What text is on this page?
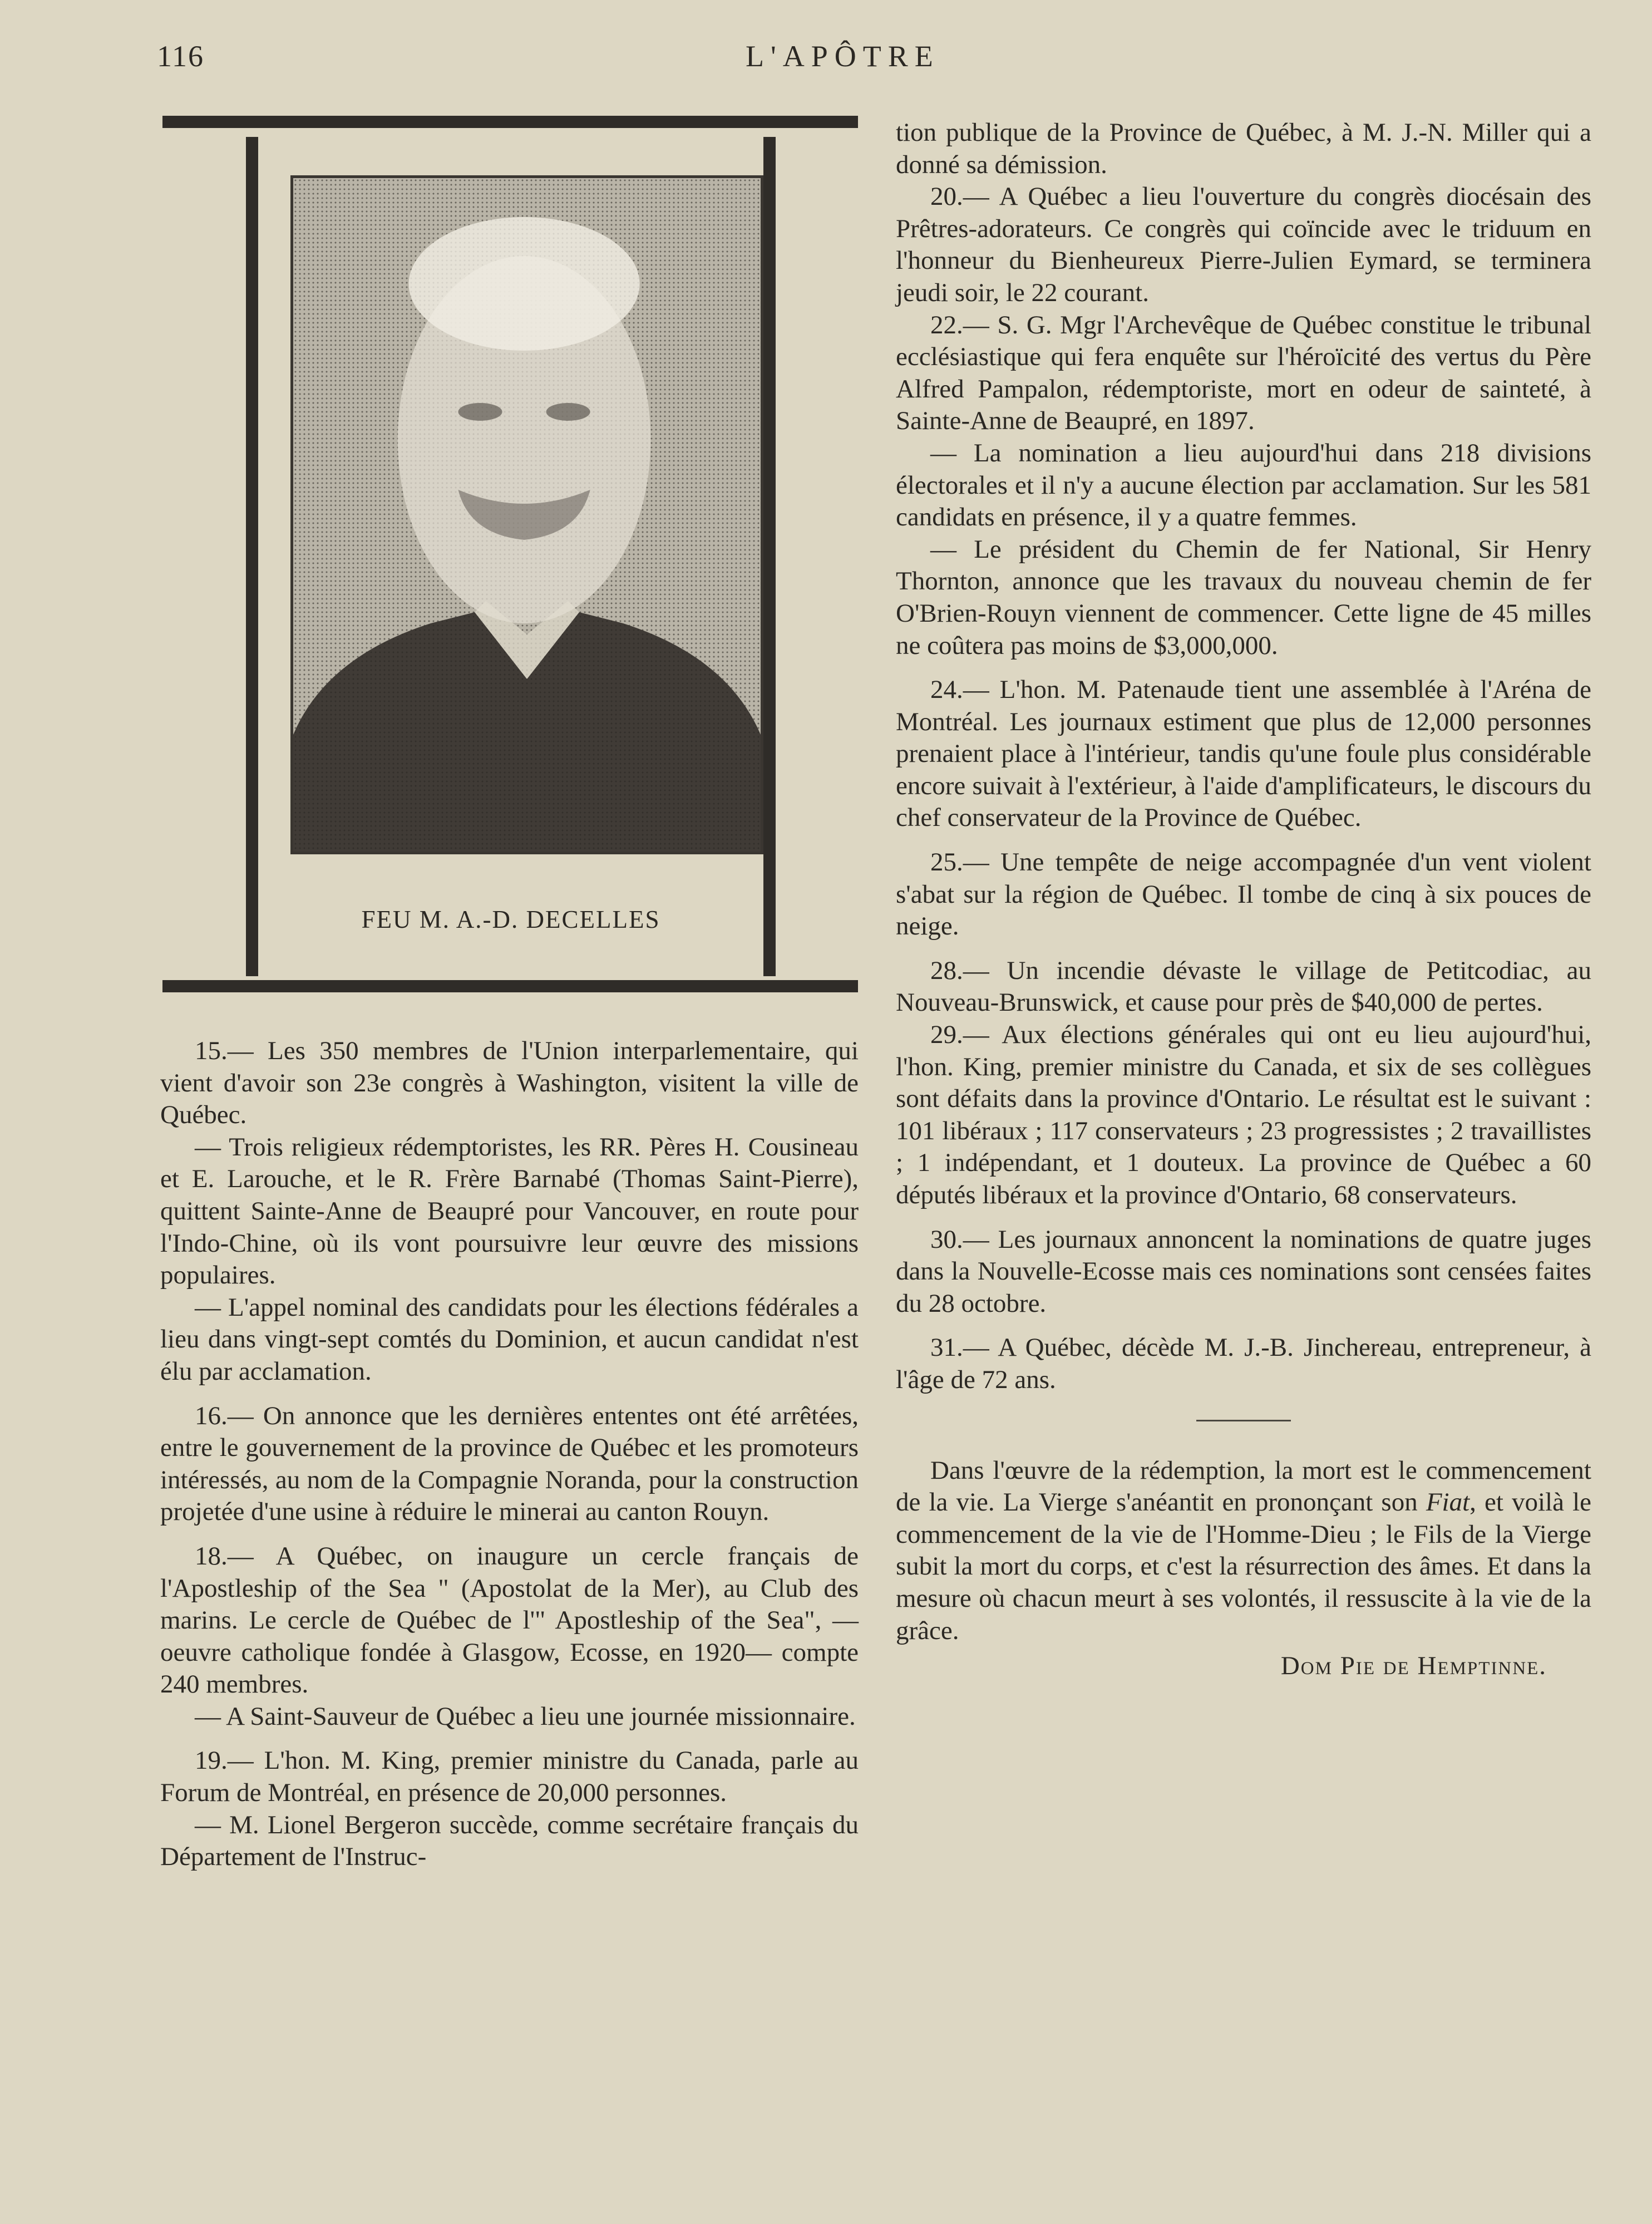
116	L'APÔTRE
FEU M. A.-D. DECELLES

15.— Les 350 membres de l'Union interparlementaire, qui vient d'avoir son 23e congrès à Washington, visitent la ville de Québec.

— Trois religieux rédemptoristes, les RR. Pères H. Cousineau et E. Larouche, et le R. Frère Barnabé (Thomas Saint-Pierre), quittent Sainte-Anne de Beaupré pour Vancouver, en route pour l'Indo-Chine, où ils vont poursuivre leur œuvre des missions populaires.

— L'appel nominal des candidats pour les élections fédérales a lieu dans vingt-sept comtés du Dominion, et aucun candidat n'est élu par acclamation.

16.— On annonce que les dernières ententes ont été arrêtées, entre le gouvernement de la province de Québec et les promoteurs intéressés, au nom de la Compagnie Noranda, pour la construction projetée d'une usine à réduire le minerai au canton Rouyn.

18.— A Québec, on inaugure un cercle français de l'Apostleship of the Sea " (Apostolat de la Mer), au Club des marins. Le cercle de Québec de l'" Apostleship of the Sea", —oeuvre catholique fondée à Glasgow, Ecosse, en 1920— compte 240 membres.

— A Saint-Sauveur de Québec a lieu une journée missionnaire.

19.— L'hon. M. King, premier ministre du Canada, parle au Forum de Montréal, en présence de 20,000 personnes.

— M. Lionel Bergeron succède, comme secrétaire français du Département de l'Instruc-

tion publique de la Province de Québec, à M. J.-N. Miller qui a donné sa démission.

20.— A Québec a lieu l'ouverture du congrès diocésain des Prêtres-adorateurs. Ce congrès qui coïncide avec le triduum en l'honneur du Bienheureux Pierre-Julien Eymard, se terminera jeudi soir, le 22 courant.

22.— S. G. Mgr l'Archevêque de Québec constitue le tribunal ecclésiastique qui fera enquête sur l'héroïcité des vertus du Père Alfred Pampalon, rédemptoriste, mort en odeur de sainteté, à Sainte-Anne de Beaupré, en 1897.

— La nomination a lieu aujourd'hui dans 218 divisions électorales et il n'y a aucune élection par acclamation. Sur les 581 candidats en présence, il y a quatre femmes.

— Le président du Chemin de fer National, Sir Henry Thornton, annonce que les travaux du nouveau chemin de fer O'Brien-Rouyn viennent de commencer. Cette ligne de 45 milles ne coûtera pas moins de $3,000,000.

24.— L'hon. M. Patenaude tient une assemblée à l'Aréna de Montréal. Les journaux estiment que plus de 12,000 personnes prenaient place à l'intérieur, tandis qu'une foule plus considérable encore suivait à l'extérieur, à l'aide d'amplificateurs, le discours du chef conservateur de la Province de Québec.

25.— Une tempête de neige accompagnée d'un vent violent s'abat sur la région de Québec. Il tombe de cinq à six pouces de neige.

28.— Un incendie dévaste le village de Petitcodiac, au Nouveau-Brunswick, et cause pour près de $40,000 de pertes.

29.— Aux élections générales qui ont eu lieu aujourd'hui, l'hon. King, premier ministre du Canada, et six de ses collègues sont défaits dans la province d'Ontario. Le résultat est le suivant : 101 libéraux ; 117 conservateurs ; 23 progressistes ; 2 travaillistes ; 1 indépendant, et 1 douteux. La province de Québec a 60 députés libéraux et la province d'Ontario, 68 conservateurs.

30.— Les journaux annoncent la nominations de quatre juges dans la Nouvelle-Ecosse mais ces nominations sont censées faites du 28 octobre.

31.— A Québec, décède M. J.-B. Jinchereau, entrepreneur, à l'âge de 72 ans.

Dans l'œuvre de la rédemption, la mort est le commencement de la vie. La Vierge s'anéantit en prononçant son Fiat, et voilà le commencement de la vie de l'Homme-Dieu ; le Fils de la Vierge subit la mort du corps, et c'est la résurrection des âmes. Et dans la mesure où chacun meurt à ses volontés, il ressuscite à la vie de la grâce.

Dom Pie de Hemptinne.
